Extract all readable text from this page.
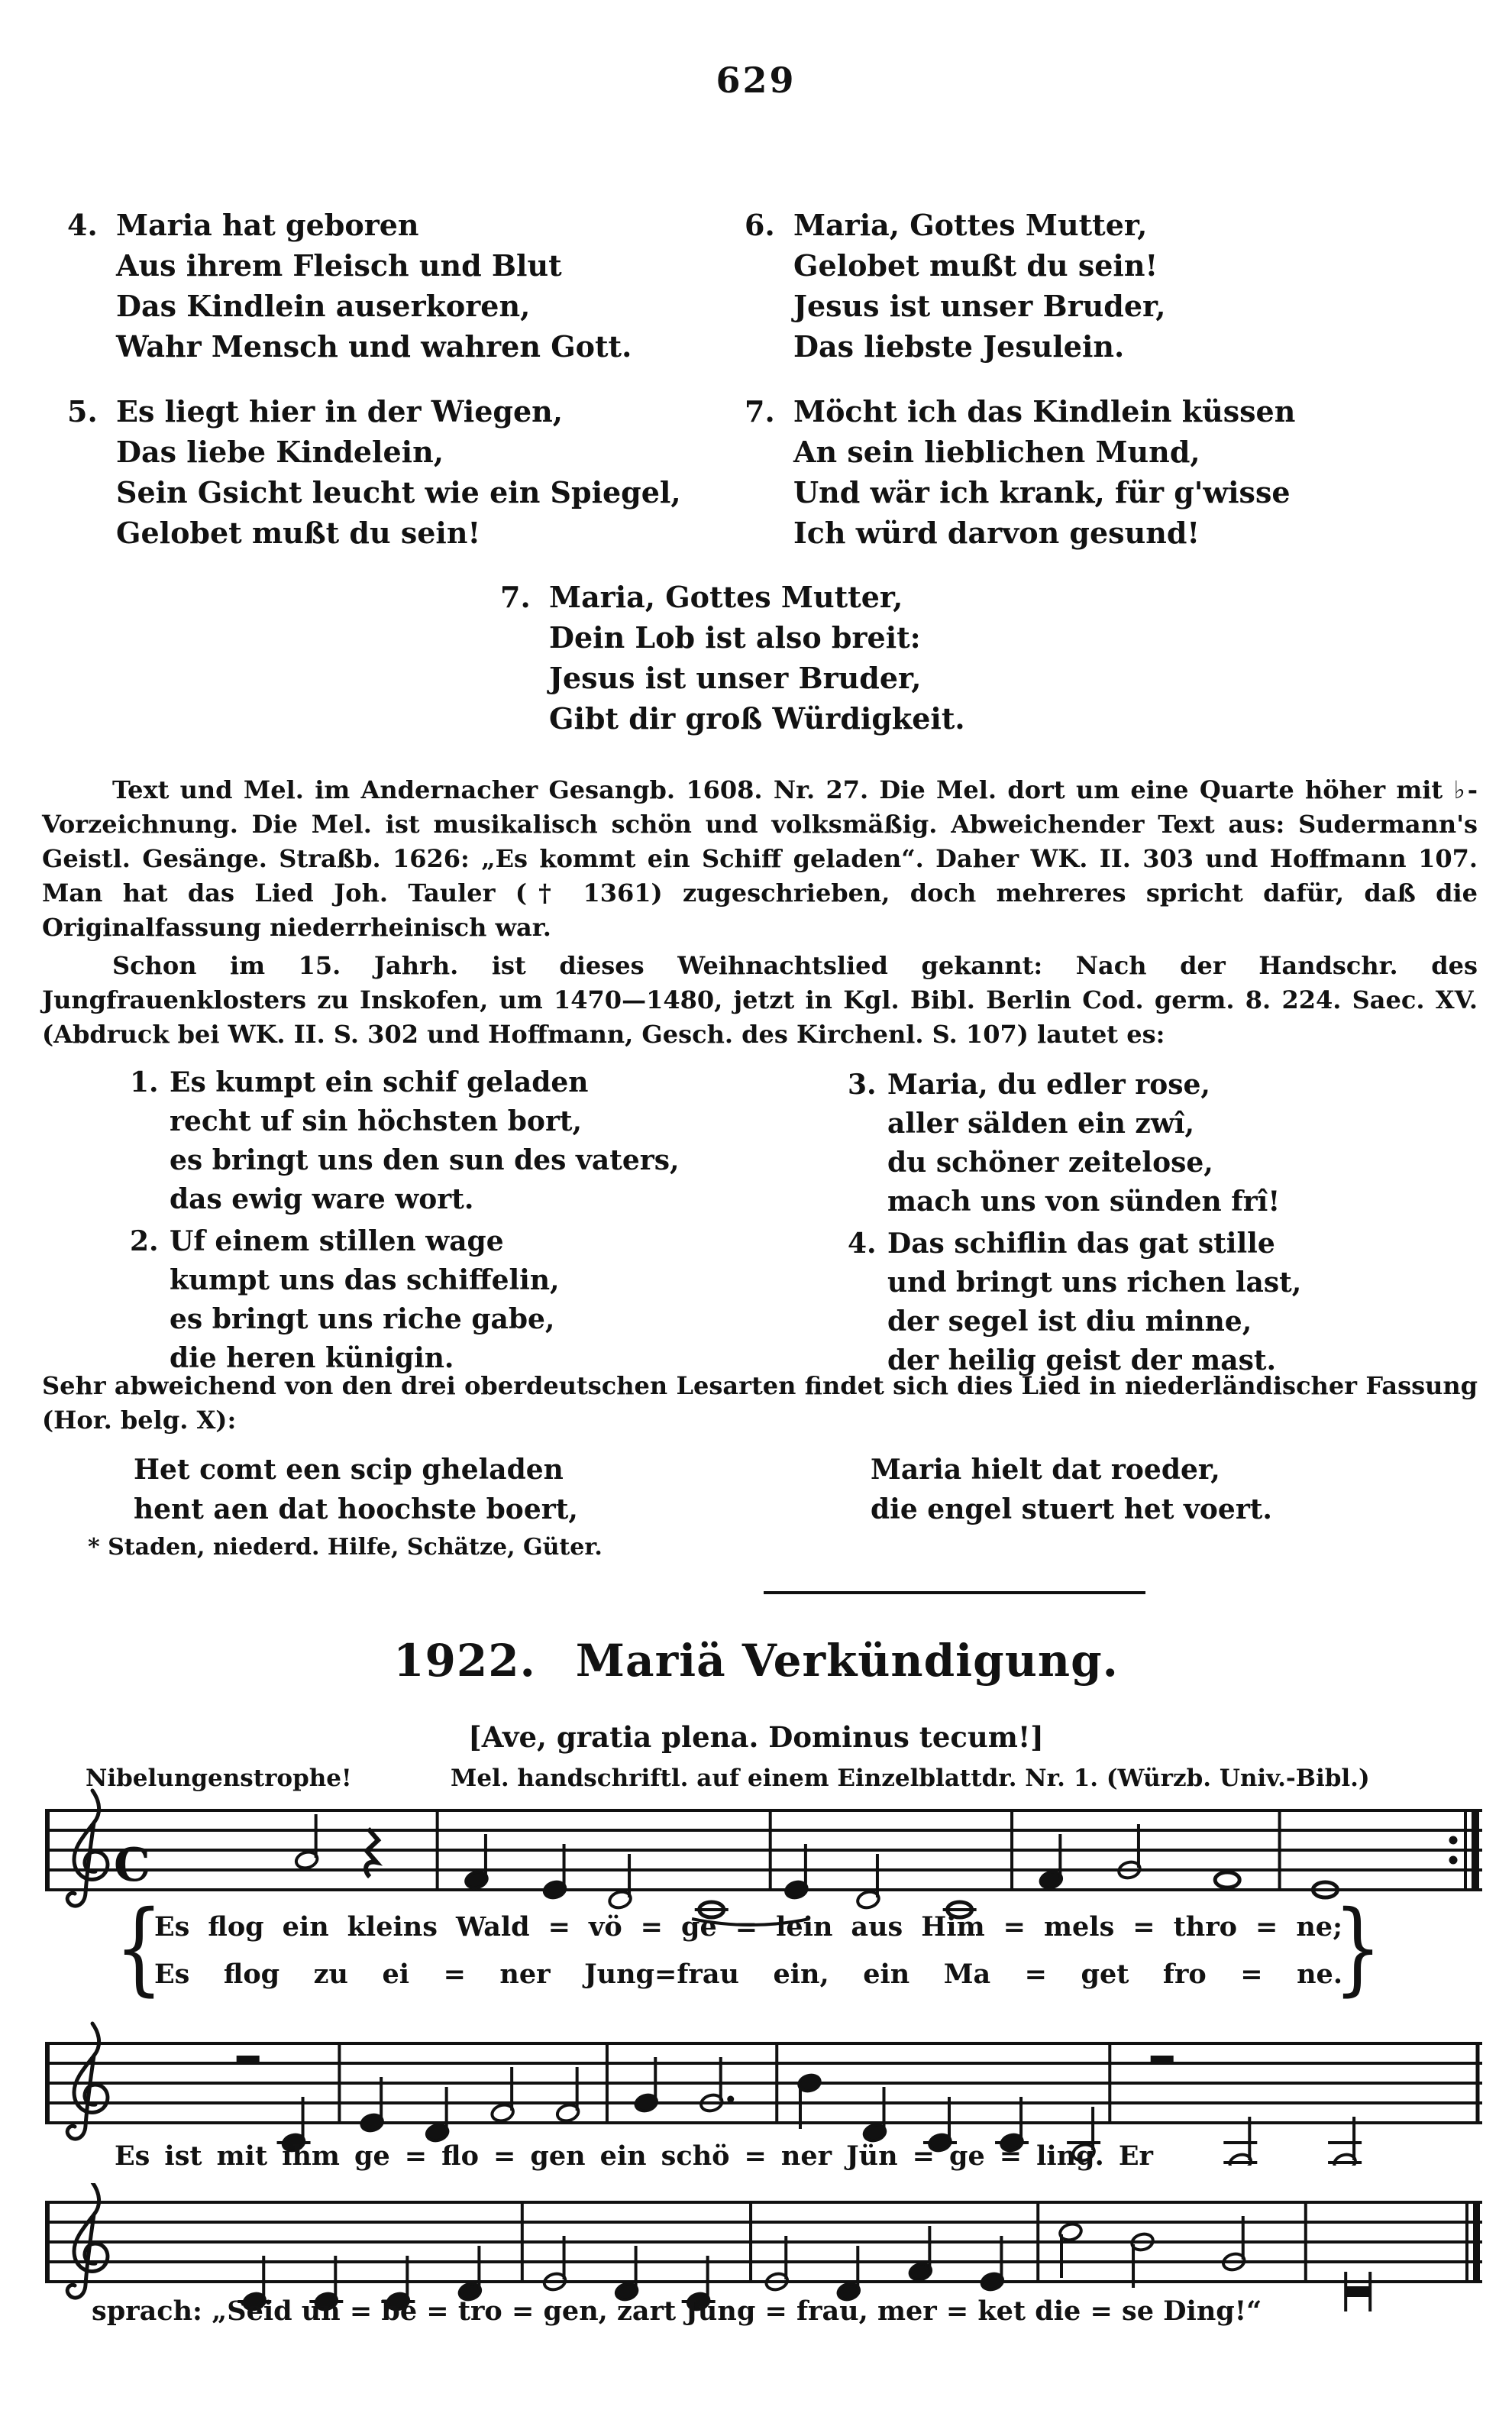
629
4. Maria hat geboren
Aus ihrem Fleisch und Blut
Das Kindlein auserkoren,
Wahr Mensch und wahren Gott.
5. Es liegt hier in der Wiegen,
Das liebe Kindelein,
Sein Gsicht leucht wie ein Spiegel,
Gelobet mußt du sein!
6. Maria, Gottes Mutter,
Gelobet mußt du sein!
Jesus ist unser Bruder,
Das liebste Jesulein.
7. Möcht ich das Kindlein küssen
An sein lieblichen Mund,
Und wär ich krank, für g'wisse
Ich würd darvon gesund!
7. Maria, Gottes Mutter,
Dein Lob ist also breit:
Jesus ist unser Bruder,
Gibt dir groß Würdigkeit.
Text und Mel. im Andernacher Gesangb. 1608. Nr. 27. Die Mel. dort um eine Quarte höher mit ♭-Vorzeichnung. Die Mel. ist musikalisch schön und volksmäßig. Abweichender Text aus: Sudermann's Geistl. Gesänge. Straßb. 1626: „Es kommt ein Schiff geladen“. Daher WK. II. 303 und Hoffmann 107. Man hat das Lied Joh. Tauler († 1361) zugeschrieben, doch mehreres spricht dafür, daß die Originalfassung niederrheinisch war.
Schon im 15. Jahrh. ist dieses Weihnachtslied gekannt: Nach der Handschr. des Jungfrauenklosters zu Inskofen, um 1470—1480, jetzt in Kgl. Bibl. Berlin Cod. germ. 8. 224. Saec. XV. (Abdruck bei WK. II. S. 302 und Hoffmann, Gesch. des Kirchenl. S. 107) lautet es:
1. Es kumpt ein schif geladen
recht uf sin höchsten bort,
es bringt uns den sun des vaters,
das ewig ware wort.
2. Uf einem stillen wage
kumpt uns das schiffelin,
es bringt uns riche gabe,
die heren künigin.
3. Maria, du edler rose,
aller sälden ein zwî,
du schöner zeitelose,
mach uns von sünden frî!
4. Das schiflin das gat stille
und bringt uns richen last,
der segel ist diu minne,
der heilig geist der mast.
Sehr abweichend von den drei oberdeutschen Lesarten findet sich dies Lied in niederländischer Fassung (Hor. belg. X):
Het comt een scip gheladen
hent aen dat hoochste boert,
Maria hielt dat roeder,
die engel stuert het voert.
* Staden, niederd. Hilfe, Schätze, Güter.
1922. Mariä Verkündigung.
[Ave, gratia plena. Dominus tecum!]
Nibelungenstrophe!	Mel. handschriftl. auf einem Einzelblattdr. Nr. 1. (Würzb. Univ.-Bibl.)
C
{	}
Es flog ein kleins Wald = vö = ge = lein aus Him = mels = thro = ne;
Es flog zu ei = ner Jung=frau ein, ein Ma = get fro = ne.
Es ist mit ihm ge = flo = gen ein schö = ner Jün = ge = ling. Er
sprach: „Seid un = be = tro = gen, zart Jung = frau, mer = ket die = se Ding!“
